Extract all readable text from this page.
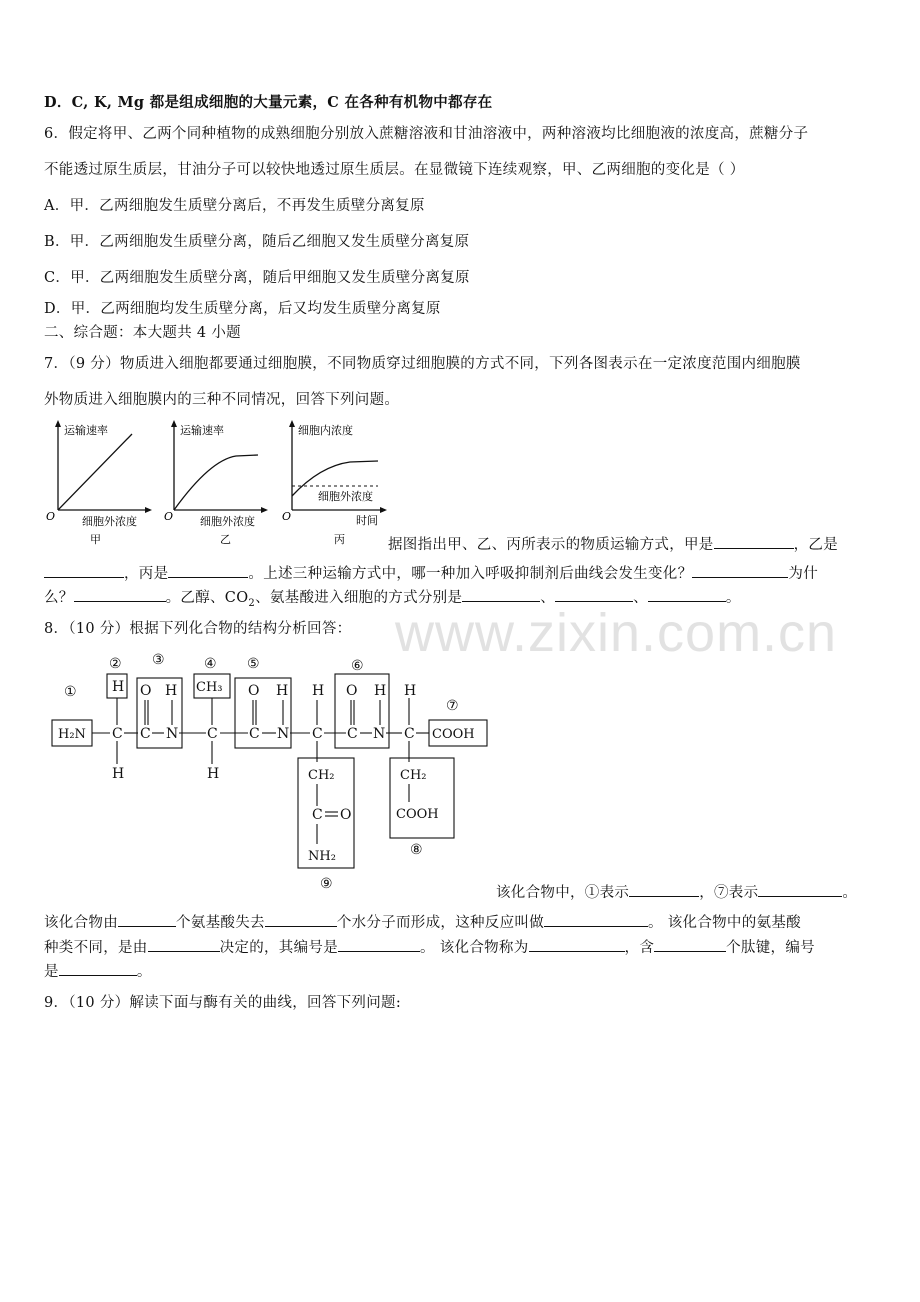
www.zixin.com.cn
D．C, K, Mg 都是组成细胞的大量元素，C 在各种有机物中都存在
6．假定将甲、乙两个同种植物的成熟细胞分别放入蔗糖溶液和甘油溶液中，两种溶液均比细胞液的浓度高，蔗糖分子
不能透过原生质层，甘油分子可以较快地透过原生质层。在显微镜下连续观察，甲、乙两细胞的变化是（ ）
A．甲．乙两细胞发生质壁分离后，不再发生质壁分离复原
B．甲．乙两细胞发生质壁分离，随后乙细胞又发生质壁分离复原
C．甲．乙两细胞发生质壁分离，随后甲细胞又发生质壁分离复原
D．甲．乙两细胞均发生质壁分离，后又均发生质壁分离复原
二、综合题：本大题共 4 小题
7．（9 分）物质进入细胞都要通过细胞膜，不同物质穿过细胞膜的方式不同，下列各图表示在一定浓度范围内细胞膜
外物质进入细胞膜内的三种不同情况，回答下列问题。
运输速率
O 细胞外浓度
甲
运输速率
O 细胞外浓度
乙
细胞内浓度
细胞外浓度
O	时间
丙	据图指出甲、乙、丙所表示的物质运输方式，甲是	，乙是
，丙是	。上述三种运输方式中，哪一种加入呼吸抑制剂后曲线会发生变化？	为什
么？	。乙醇、$CO_2$、氨基酸进入细胞的方式分别是	、	、	。
8．（10 分）根据下列化合物的结构分析回答：
①
② ③	④ ⑤	⑥
⑦
⑧
⑨
H₂N
H
C
H
O H
C N
CH₃
C
H
O H
C N
H
C
O H
C N
H
C COOH
CH₂
C O
NH₂
CH₂
COOH
该化合物中，①表示	，⑦表示	。
该化合物由	个氨基酸失去	个水分子而形成，这种反应叫做	。 该化合物中的氨基酸
种类不同，是由	决定的，其编号是	。 该化合物称为	，含	个肽键，编号
是	。
9．（10 分）解读下面与酶有关的曲线，回答下列问题:
